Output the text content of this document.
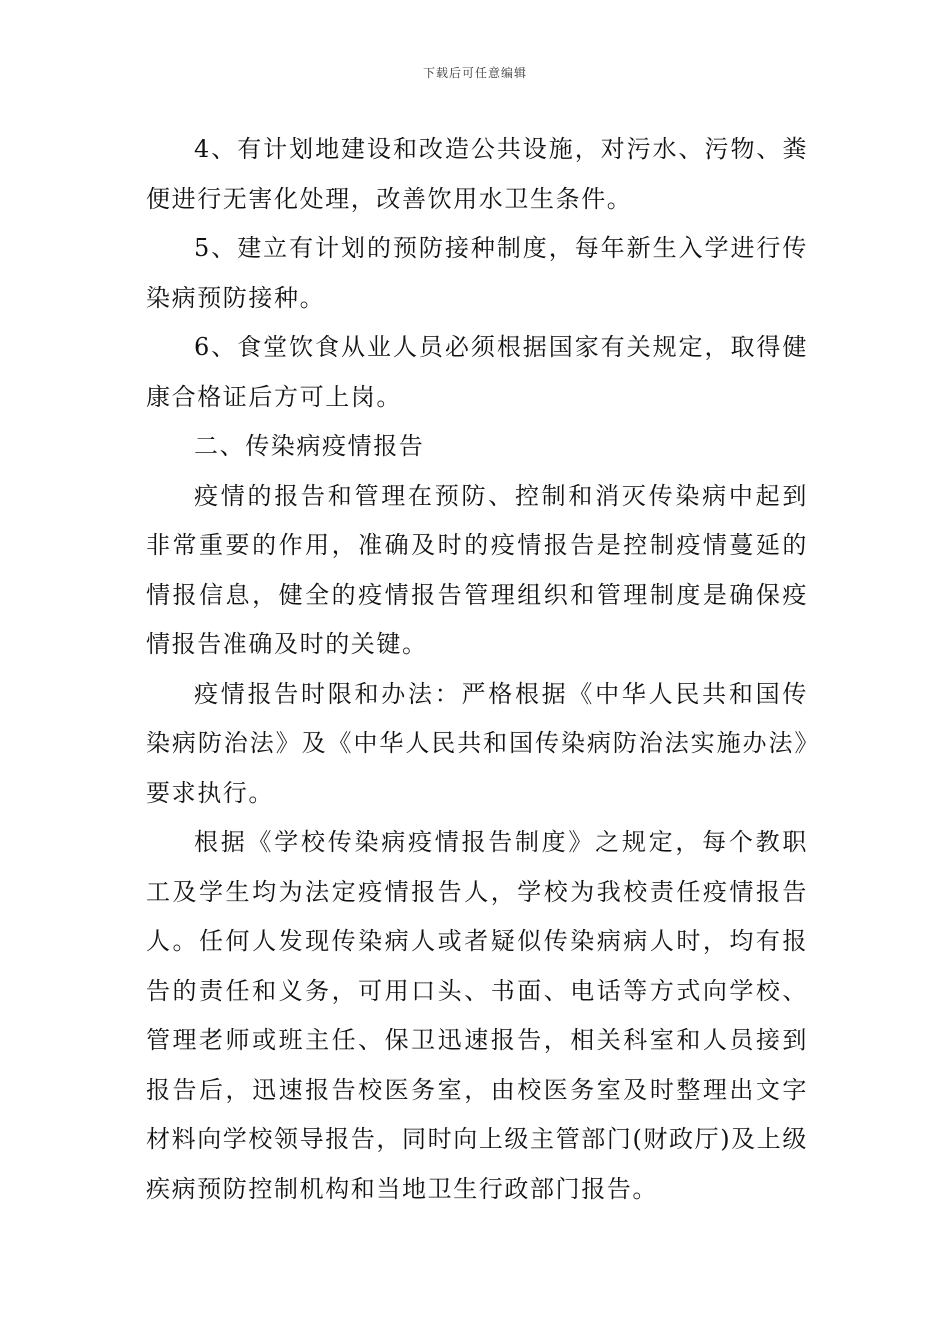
下载后可任意编辑

4、有计划地建设和改造公共设施，对污水、污物、粪便进行无害化处理，改善饮用水卫生条件。

5、建立有计划的预防接种制度，每年新生入学进行传染病预防接种。

6、食堂饮食从业人员必须根据国家有关规定，取得健康合格证后方可上岗。

二、传染病疫情报告

疫情的报告和管理在预防、控制和消灭传染病中起到非常重要的作用，准确及时的疫情报告是控制疫情蔓延的情报信息，健全的疫情报告管理组织和管理制度是确保疫情报告准确及时的关键。

疫情报告时限和办法：严格根据《中华人民共和国传染病防治法》及《中华人民共和国传染病防治法实施办法》要求执行。

根据《学校传染病疫情报告制度》之规定，每个教职工及学生均为法定疫情报告人，学校为我校责任疫情报告人。任何人发现传染病人或者疑似传染病病人时，均有报告的责任和义务，可用口头、书面、电话等方式向学校、管理老师或班主任、保卫迅速报告，相关科室和人员接到报告后，迅速报告校医务室，由校医务室及时整理出文字材料向学校领导报告，同时向上级主管部门(财政厅)及上级疾病预防控制机构和当地卫生行政部门报告。
